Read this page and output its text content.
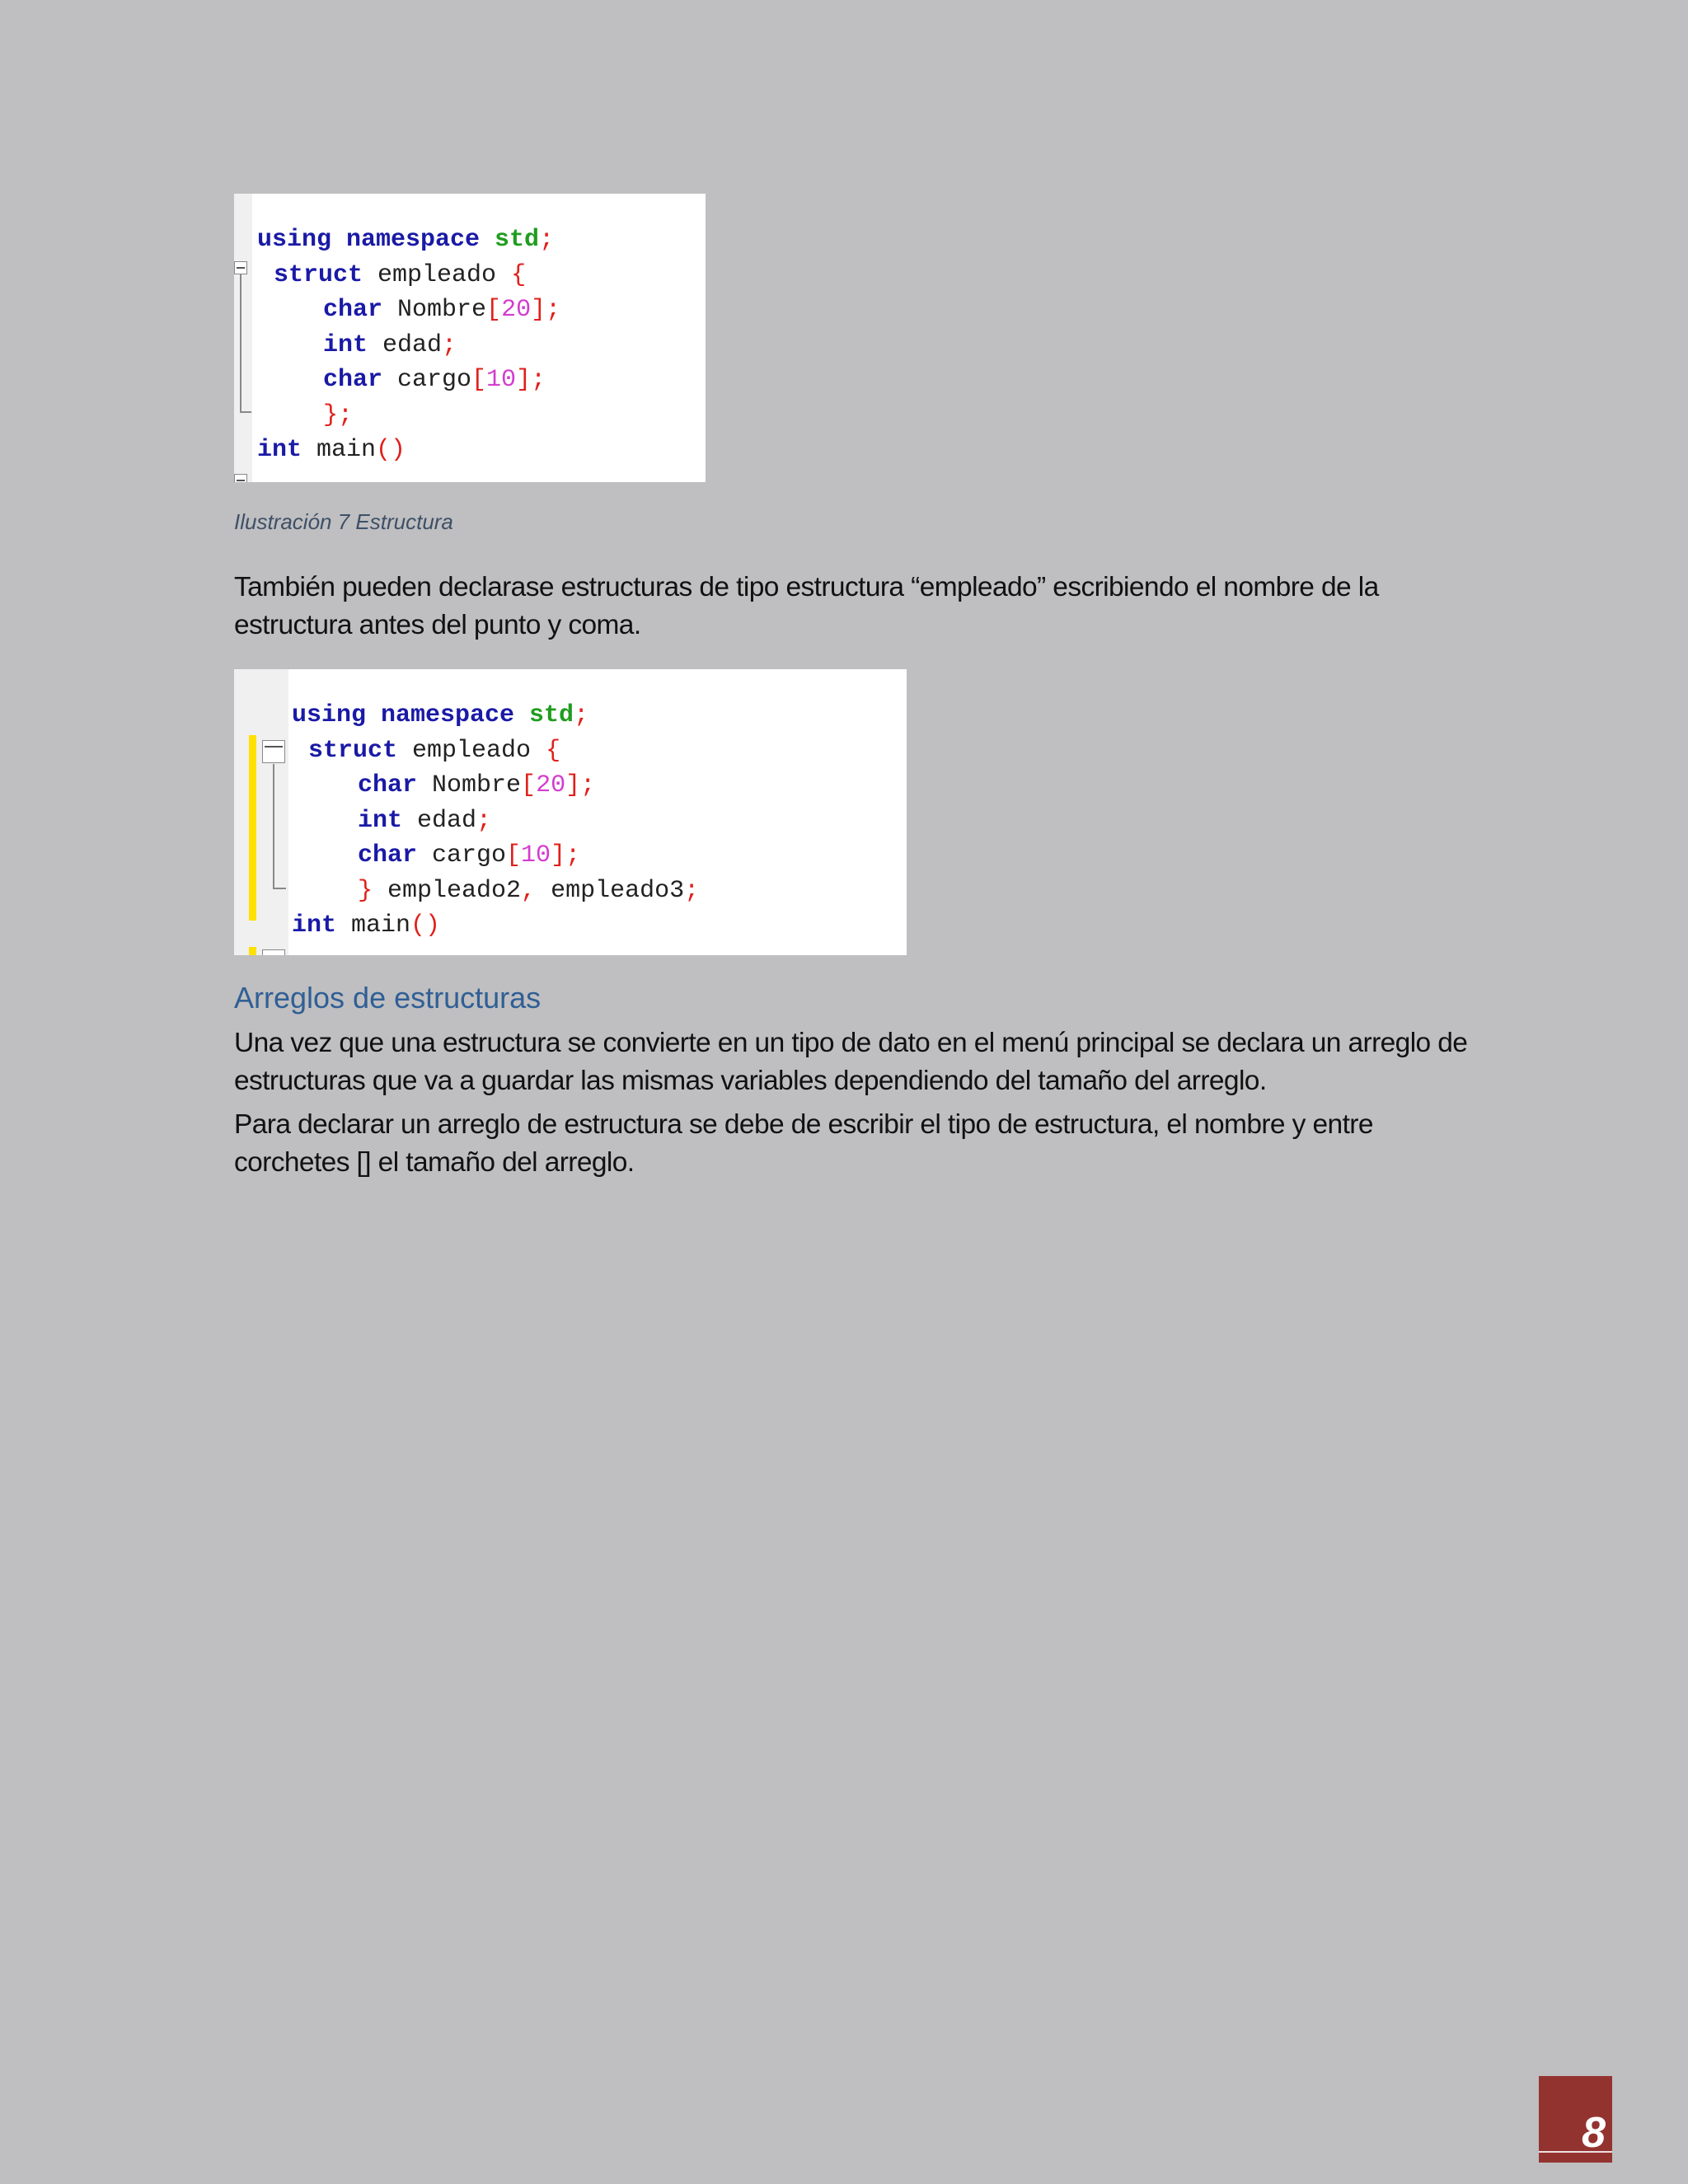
using namespace std;

struct empleado {

char Nombre[20];

int edad;

char cargo[10];

};

int main()

Ilustración 7 Estructura
También pueden declarase estructuras de tipo estructura “empleado” escribiendo el nombre de la estructura antes del punto y coma.

using namespace std;

struct empleado {

char Nombre[20];

int edad;

char cargo[10];

} empleado2, empleado3;

int main()

Arreglos de estructuras
Una vez que una estructura se convierte en un tipo de dato en el menú principal se declara un arreglo de estructuras que va a guardar las mismas variables dependiendo del tamaño del arreglo.
Para declarar un arreglo de estructura se debe de escribir el tipo de estructura, el nombre y entre corchetes [] el tamaño del arreglo.
8
